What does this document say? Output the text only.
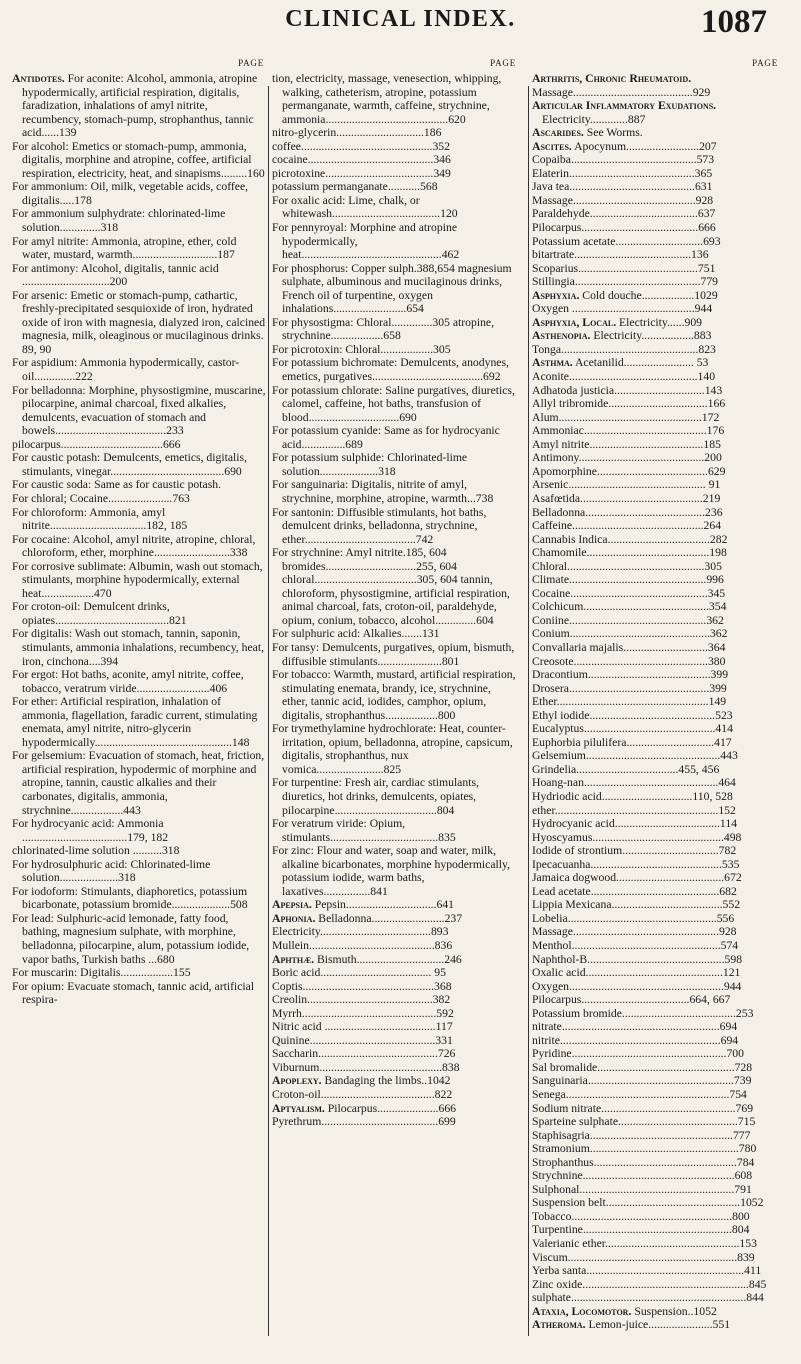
CLINICAL INDEX.	1087
PAGE
Antidotes. For aconite: Alcohol, ammonia, atropine hypodermically, artificial respiration, digitalis, faradization, inhalations of amyl nitrite, recumbency, stomach-pump, strophanthus, tannic acid......139
For alcohol: Emetics or stomach-pump, ammonia, digitalis, morphine and atropine, coffee, artificial respiration, electricity, heat, and sinapisms.........160
For ammonium: Oil, milk, vegetable acids, coffee, digitalis.....178
For ammonium sulphydrate: chlorinated-lime solution..............318
For amyl nitrite: Ammonia, atropine, ether, cold water, mustard, warmth.............................187
For antimony: Alcohol, digitalis, tannic acid ..............................200
For arsenic: Emetic or stomach-pump, cathartic, freshly-precipitated sesquioxide of iron, hydrated oxide of iron with magnesia, dialyzed iron, calcined magnesia, milk, oleaginous or mucilaginous drinks. 89, 90
For aspidium: Ammonia hypodermically, castor-oil..............222
For belladonna: Morphine, physostigmine, muscarine, pilocarpine, animal charcoal, fixed alkalies, demulcents, evacuation of stomach and bowels......................................233
pilocarpus...................................666
For caustic potash: Demulcents, emetics, digitalis, stimulants, vinegar.......................................690
For caustic soda: Same as for caustic potash.
For chloral; Cocaine......................763
For chloroform: Ammonia, amyl nitrite.................................182, 185
For cocaine: Alcohol, amyl nitrite, atropine, chloral, chloroform, ether, morphine..........................338
For corrosive sublimate: Albumin, wash out stomach, stimulants, morphine hypodermically, external heat..................470
For croton-oil: Demulcent drinks, opiates.......................................821
For digitalis: Wash out stomach, tannin, saponin, stimulants, ammonia inhalations, recumbency, heat, iron, cinchona....394
For ergot: Hot baths, aconite, amyl nitrite, coffee, tobacco, veratrum viride.........................406
For ether: Artificial respiration, inhalation of ammonia, flagellation, faradic current, stimulating enemata, amyl nitrite, nitro-glycerin hypodermically...............................................148
For gelsemium: Evacuation of stomach, heat, friction, artificial respiration, hypodermic of morphine and atropine, tannin, caustic alkalies and their carbonates, digitalis, ammonia, strychnine..................443
For hydrocyanic acid: Ammonia ....................................179, 182
chlorinated-lime solution ..........318
For hydrosulphuric acid: Chlorinated-lime solution....................318
For iodoform: Stimulants, diaphoretics, potassium bicarbonate, potassium bromide....................508
For lead: Sulphuric-acid lemonade, fatty food, bathing, magnesium sulphate, with morphine, belladonna, pilocarpine, alum, potassium iodide, vapor baths, Turkish baths ...680
For muscarin: Digitalis..................155
For opium: Evacuate stomach, tannic acid, artificial respira-
PAGE
tion, electricity, massage, venesection, whipping, walking, catheterism, atropine, potassium permanganate, warmth, caffeine, strychnine, ammonia..........................................620
nitro-glycerin..............................186
coffee.............................................352
cocaine...........................................346
picrotoxine.....................................349
potassium permanganate...........568
For oxalic acid: Lime, chalk, or whitewash.....................................120
For pennyroyal: Morphine and atropine hypodermically, heat................................................462
For phosphorus: Copper sulph.388,654 magnesium sulphate, albuminous and mucilaginous drinks, French oil of turpentine, oxygen inhalations.........................654
For physostigma: Chloral..............305 atropine, strychnine..................658
For picrotoxin: Chloral..................305
For potassium bichromate: Demulcents, anodynes, emetics, purgatives......................................692
For potassium chlorate: Saline purgatives, diuretics, calomel, caffeine, hot baths, transfusion of blood...............................690
For potassium cyanide: Same as for hydrocyanic acid...............689
For potassium sulphide: Chlorinated-lime solution....................318
For sanguinaria: Digitalis, nitrite of amyl, strychnine, morphine, atropine, warmth...738
For santonin: Diffusible stimulants, hot baths, demulcent drinks, belladonna, strychnine, ether......................................742
For strychnine: Amyl nitrite.185, 604 bromides...............................255, 604 chloral...................................305, 604 tannin, chloroform, physostigmine, artificial respiration, animal charcoal, fats, croton-oil, paraldehyde, opium, conium, tobacco, alcohol..............604
For sulphuric acid: Alkalies.......131
For tansy: Demulcents, purgatives, opium, bismuth, diffusible stimulants......................801
For tobacco: Warmth, mustard, artificial respiration, stimulating enemata, brandy, ice, strychnine, ether, tannic acid, iodides, camphor, opium, digitalis, strophanthus..................800
For trymethylamine hydrochlorate: Heat, counter-irritation, opium, belladonna, atropine, capsicum, digitalis, strophanthus, nux vomica.......................825
For turpentine: Fresh air, cardiac stimulants, diuretics, hot drinks, demulcents, opiates, pilocarpine...................................804
For veratrum viride: Opium, stimulants.....................................835
For zinc: Flour and water, soap and water, milk, alkaline bicarbonates, morphine hypodermically, potassium iodide, warm baths, laxatives................841
Apepsia. Pepsin...............................641
Aphonia. Belladonna.........................237
Electricity......................................893
Mullein...........................................836
Aphthæ. Bismuth..............................246
Boric acid...................................... 95
Coptis.............................................368
Creolin...........................................382
Myrrh..............................................592
Nitric acid ......................................117
Quinine...........................................331
Saccharin.........................................726
Viburnum..........................................838
Apoplexy. Bandaging the limbs..1042
Croton-oil.......................................822
Aptyalism. Pilocarpus.....................666
Pyrethrum........................................699
PAGE
Arthritis, Chronic Rheumatoid.
Massage.........................................929
Articular Inflammatory Exudations. Electricity.............887
Ascarides. See Worms.
Ascites. Apocynum.........................207
Copaiba...........................................573
Elaterin...........................................365
Java tea...........................................631
Massage..........................................928
Paraldehyde.....................................637
Pilocarpus........................................666
Potassium acetate..............................693
bitartrate........................................136
Scoparius.........................................751
Stillingia...........................................779
Asphyxia. Cold douche..................1029
Oxygen ..........................................944
Asphyxia, Local. Electricity......909
Asthenopia. Electricity..................883
Tonga...............................................823
Asthma. Acetanilid........................ 53
Aconite............................................140
Adhatoda justicia...............................143
Allyl tribromide..................................166
Alum.................................................172
Ammoniac..........................................176
Amyl nitrite.......................................185
Antimony...........................................200
Apomorphine......................................629
Arsenic............................................... 91
Asafœtida..........................................219
Belladonna.........................................236
Caffeine.............................................264
Cannabis Indica...................................282
Chamomile..........................................198
Chloral...............................................305
Climate...............................................996
Cocaine...............................................345
Colchicum...........................................354
Coniine...............................................362
Conium................................................362
Convallaria majalis.............................364
Creosote..............................................380
Dracontium..........................................399
Drosera................................................399
Ether....................................................149
Ethyl iodide...........................................523
Eucalyptus.............................................414
Euphorbia pilulifera..............................417
Gelsemium..............................................443
Grindelia...................................455, 456
Hoang-nan..............................................464
Hydriodic acid...............................110, 528
ether........................................................152
Hydrocyanic acid....................................114
Hyoscyamus.............................................498
Iodide of strontium.................................782
Ipecacuanha.............................................535
Jamaica dogwood.....................................672
Lead acetate............................................682
Lippia Mexicana......................................552
Lobelia...................................................556
Massage..................................................928
Menthol...................................................574
Naphthol-B...............................................598
Oxalic acid...............................................121
Oxygen.....................................................944
Pilocarpus.....................................664, 667
Potassium bromide.......................................253
nitrate......................................................694
nitrite.......................................................694
Pyridine.....................................................700
Sal bromalide...............................................728
Sanguinaria..................................................739
Senega........................................................754
Sodium nitrate..............................................769
Sparteine sulphate.........................................715
Staphisagria.................................................777
Stramonium...................................................780
Strophanthus.................................................784
Strychnine....................................................608
Sulphonal.....................................................791
Suspension belt..............................................1052
Tobacco.......................................................800
Turpentine...................................................804
Valerianic ether..............................................153
Viscum..........................................................839
Yerba santa......................................................411
Zinc oxide.........................................................845
sulphate............................................................844
Ataxia, Locomotor. Suspension..1052
Atheroma. Lemon-juice......................551
